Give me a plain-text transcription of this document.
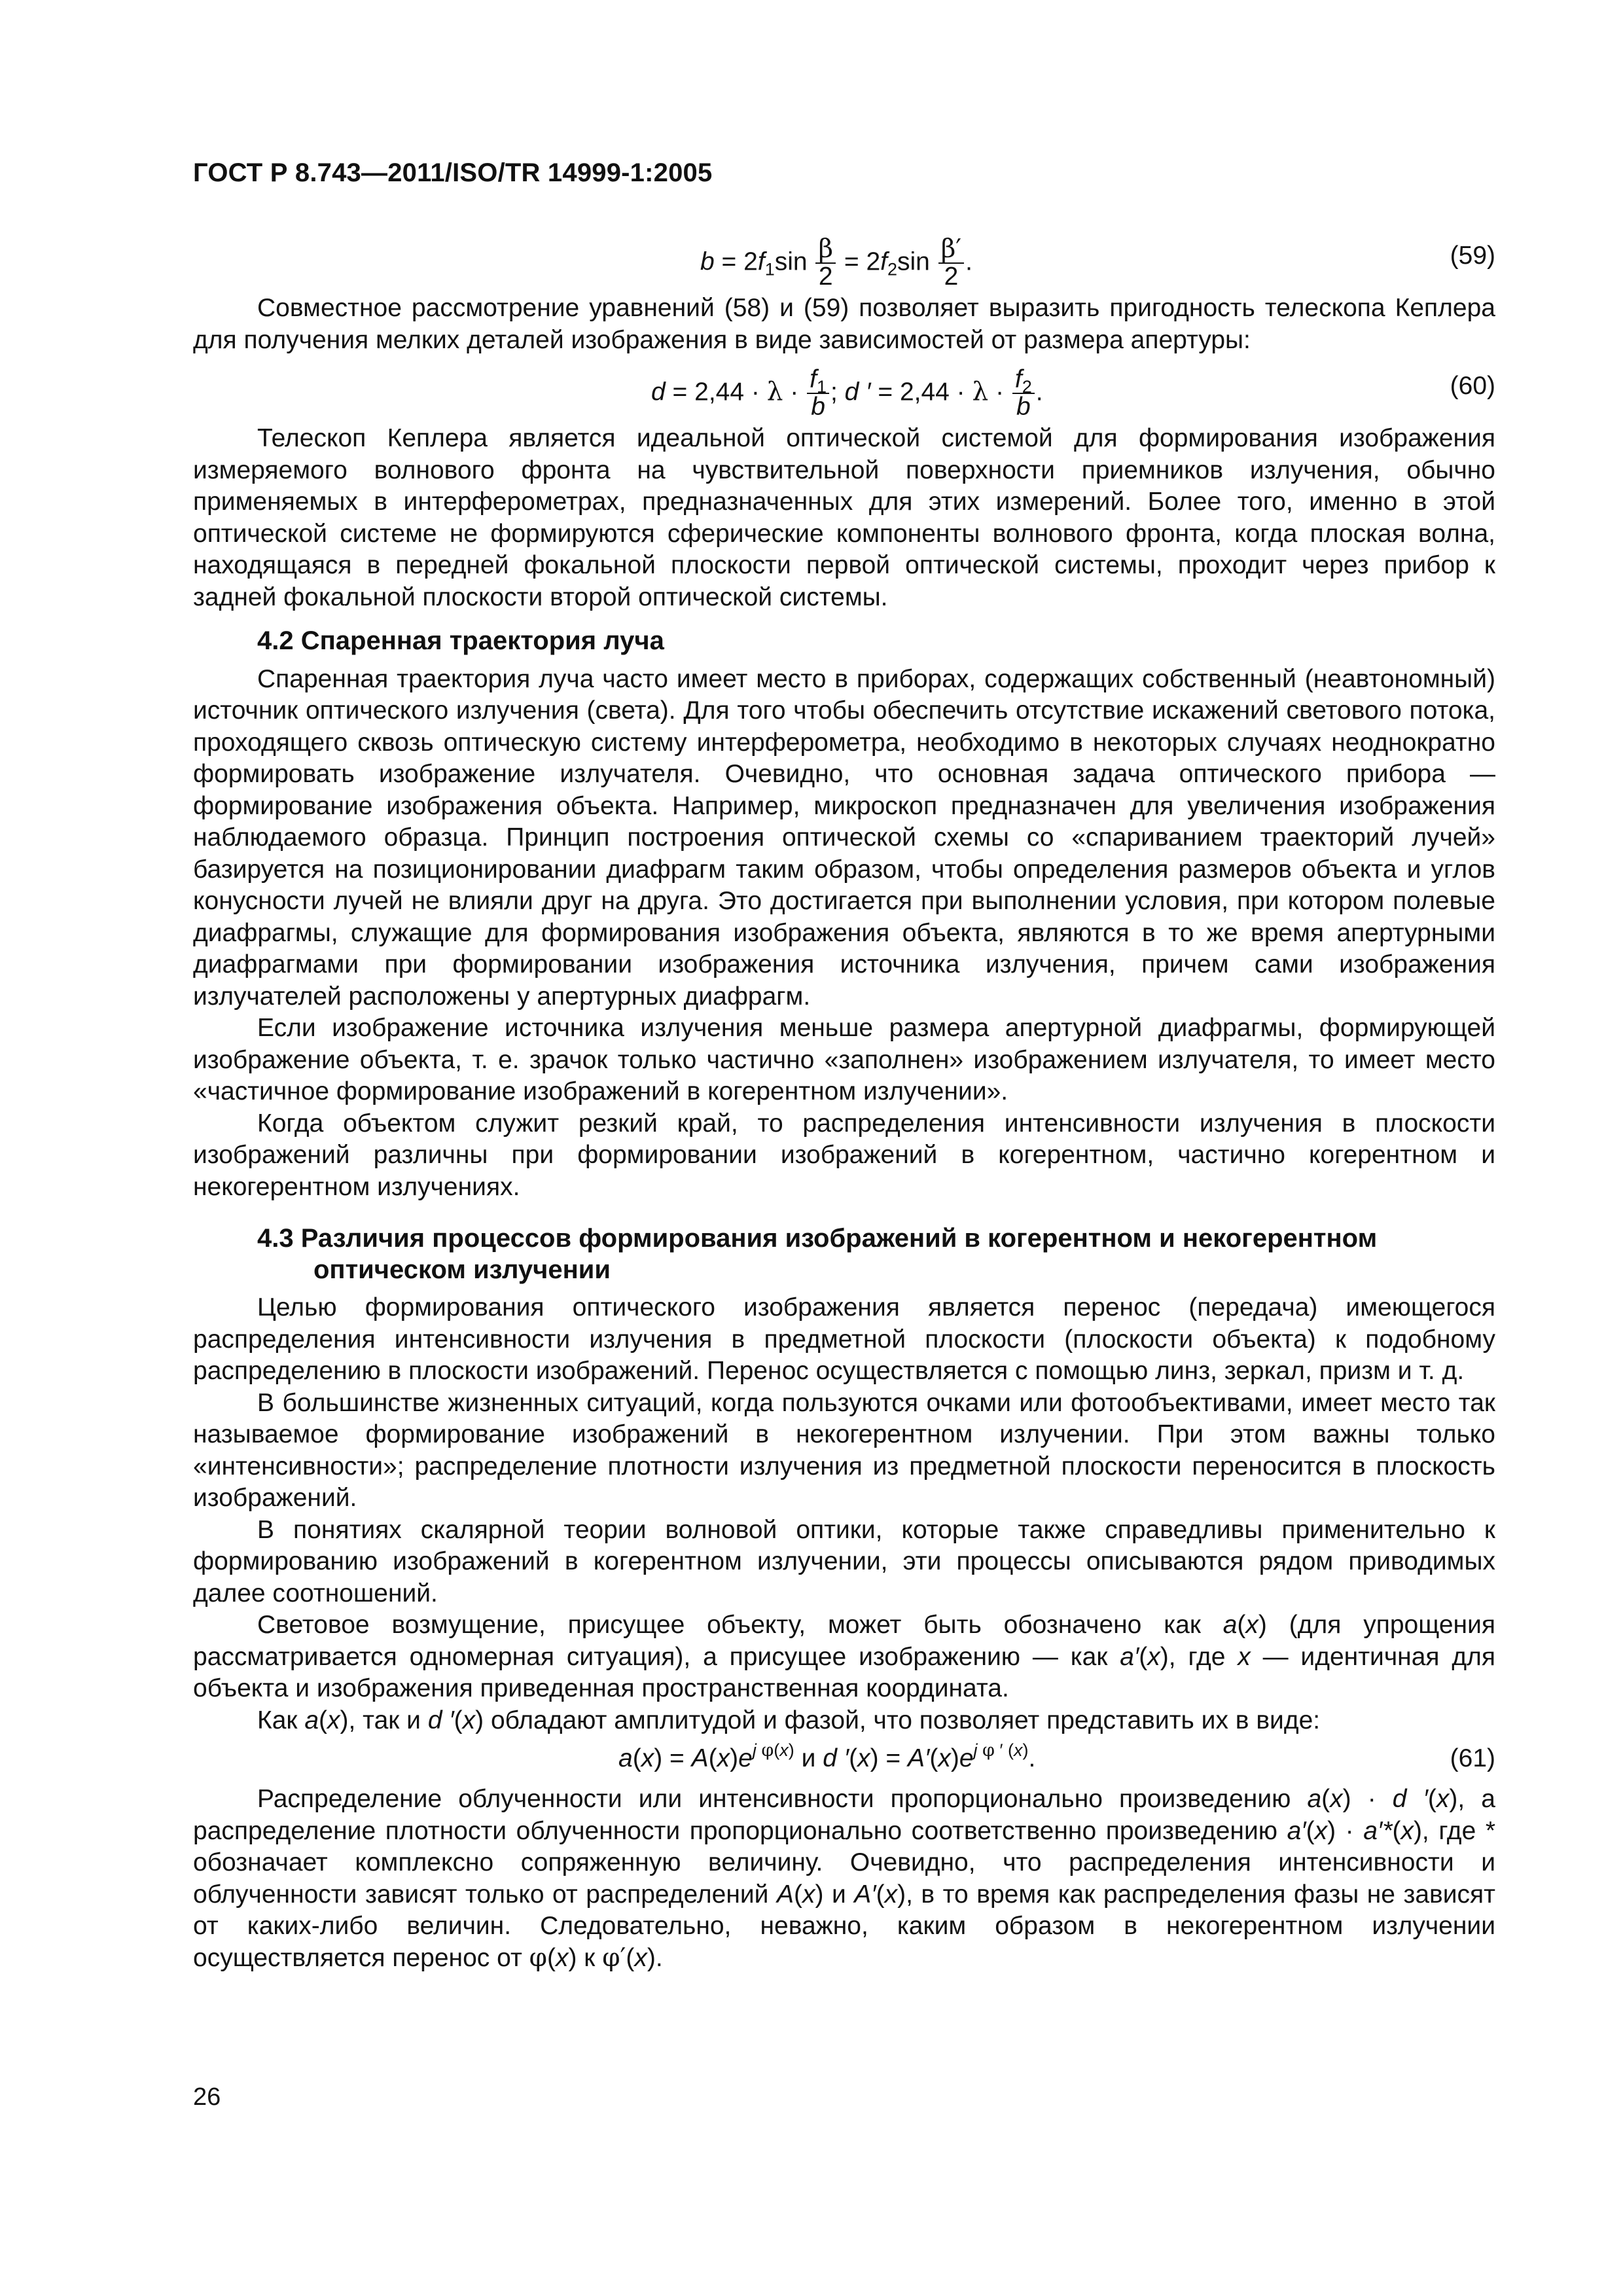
ГОСТ Р 8.743—2011/ISO/TR 14999-1:2005
$b = 2f_1\sin \frac{\beta}{2} = 2f_2\sin \frac{\beta'}{2}$ .	(59)

Совместное рассмотрение уравнений (58) и (59) позволяет выразить пригодность телескопа Кеплера для получения мелких деталей изображения в виде зависимостей от размера апертуры:

$d = 2,44 \cdot \lambda \cdot \frac{f_1}{b}$ ; d ′ = $2,44 \cdot \lambda \cdot \frac{f_2}{b}$ .	(60)

Телескоп Кеплера является идеальной оптической системой для формирования изображения измеряемого волнового фронта на чувствительной поверхности приемников излучения, обычно применяемых в интерферометрах, предназначенных для этих измерений. Более того, именно в этой оптической системе не формируются сферические компоненты волнового фронта, когда плоская волна, находящаяся в передней фокальной плоскости первой оптической системы, проходит через прибор к задней фокальной плоскости второй оптической системы.

4.2 Спаренная траектория луча

Спаренная траектория луча часто имеет место в приборах, содержащих собственный (неавтономный) источник оптического излучения (света). Для того чтобы обеспечить отсутствие искажений светового потока, проходящего сквозь оптическую систему интерферометра, необходимо в некоторых случаях неоднократно формировать изображение излучателя. Очевидно, что основная задача оптического прибора — формирование изображения объекта. Например, микроскоп предназначен для увеличения изображения наблюдаемого образца. Принцип построения оптической схемы со «спариванием траекторий лучей» базируется на позиционировании диафрагм таким образом, чтобы определения размеров объекта и углов конусности лучей не влияли друг на друга. Это достигается при выполнении условия, при котором полевые диафрагмы, служащие для формирования изображения объекта, являются в то же время апертурными диафрагмами при формировании изображения источника излучения, причем сами изображения излучателей расположены у апертурных диафрагм.

Если изображение источника излучения меньше размера апертурной диафрагмы, формирующей изображение объекта, т. е. зрачок только частично «заполнен» изображением излучателя, то имеет место «частичное формирование изображений в когерентном излучении».

Когда объектом служит резкий край, то распределения интенсивности излучения в плоскости изображений различны при формировании изображений в когерентном, частично когерентном и некогерентном излучениях.

4.3 Различия процессов формирования изображений в когерентном и некогерентном
оптическом излучении

Целью формирования оптического изображения является перенос (передача) имеющегося распределения интенсивности излучения в предметной плоскости (плоскости объекта) к подобному распределению в плоскости изображений. Перенос осуществляется с помощью линз, зеркал, призм и т. д.

В большинстве жизненных ситуаций, когда пользуются очками или фотообъективами, имеет место так называемое формирование изображений в некогерентном излучении. При этом важны только «интенсивности»; распределение плотности излучения из предметной плоскости переносится в плоскость изображений.

В понятиях скалярной теории волновой оптики, которые также справедливы применительно к формированию изображений в когерентном излучении, эти процессы описываются рядом приводимых далее соотношений.

Световое возмущение, присущее объекту, может быть обозначено как a(x) (для упрощения рассматривается одномерная ситуация), а присущее изображению — как a′(x), где x — идентичная для объекта и изображения приведенная пространственная координата.

Как a(x), так и d ′(x) обладают амплитудой и фазой, что позволяет представить их в виде:

$a(x) = A(x)e^{j \varphi(x)}$ и d $'(x) = A'(x)e^{j \varphi ' (x)}$.	(61)

Распределение облученности или интенсивности пропорционально произведению a(x) · d ′(x), а распределение плотности облученности пропорционально соответственно произведению a′(x) · a′*(x), где * обозначает комплексно сопряженную величину. Очевидно, что распределения интенсивности и облученности зависят только от распределений A(x) и A′(x), в то время как распределения фазы не зависят от каких-либо величин. Следовательно, неважно, каким образом в некогерентном излучении осуществляется перенос от φ(x) к φ′(x).

26
